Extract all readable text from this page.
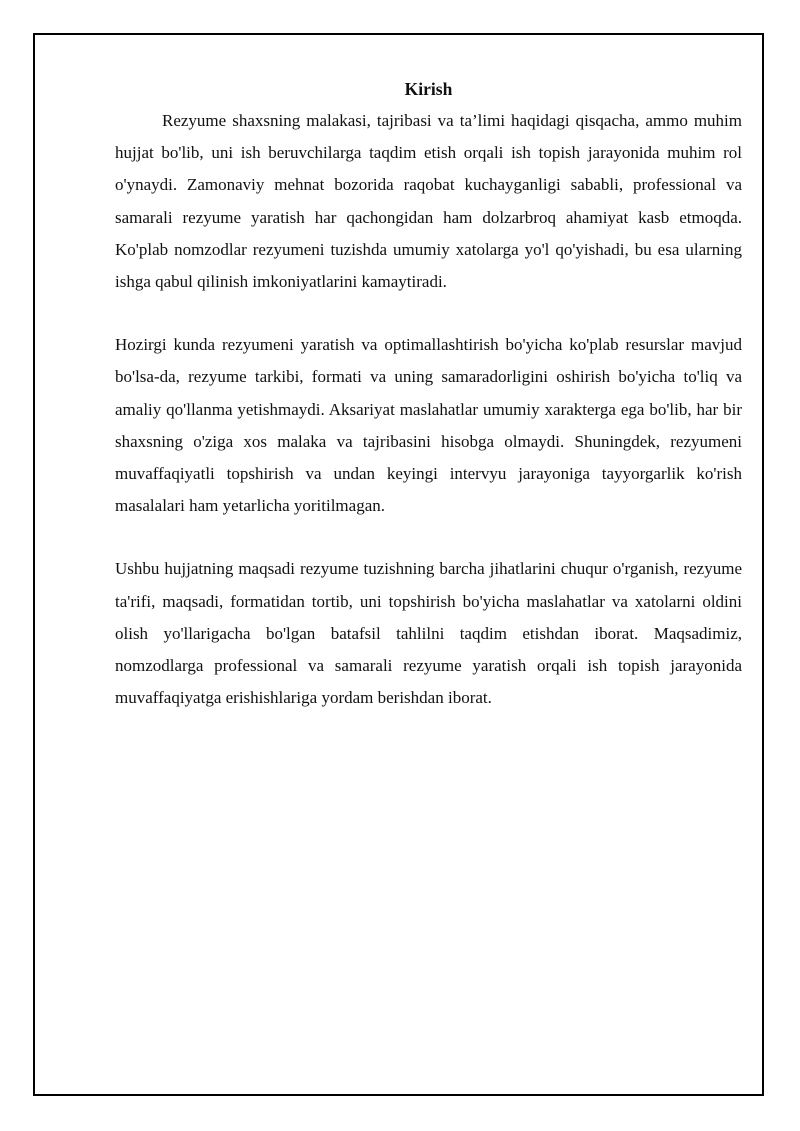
Kirish

Rezyume shaxsning malakasi, tajribasi va ta’limi haqidagi qisqacha, ammo muhim hujjat bo'lib, uni ish beruvchilarga taqdim etish orqali ish topish jarayonida muhim rol o'ynaydi. Zamonaviy mehnat bozorida raqobat kuchayganligi sababli, professional va samarali rezyume yaratish har qachongidan ham dolzarbroq ahamiyat kasb etmoqda. Ko'plab nomzodlar rezyumeni tuzishda umumiy xatolarga yo'l qo'yishadi, bu esa ularning ishga qabul qilinish imkoniyatlarini kamaytiradi.

Hozirgi kunda rezyumeni yaratish va optimallashtirish bo'yicha ko'plab resurslar mavjud bo'lsa-da, rezyume tarkibi, formati va uning samaradorligini oshirish bo'yicha to'liq va amaliy qo'llanma yetishmaydi. Aksariyat maslahatlar umumiy xarakterga ega bo'lib, har bir shaxsning o'ziga xos malaka va tajribasini hisobga olmaydi. Shuningdek, rezyumeni muvaffaqiyatli topshirish va undan keyingi intervyu jarayoniga tayyorgarlik ko'rish masalalari ham yetarlicha yoritilmagan.

Ushbu hujjatning maqsadi rezyume tuzishning barcha jihatlarini chuqur o'rganish, rezyume ta'rifi, maqsadi, formatidan tortib, uni topshirish bo'yicha maslahatlar va xatolarni oldini olish yo'llarigacha bo'lgan batafsil tahlilni taqdim etishdan iborat. Maqsadimiz, nomzodlarga professional va samarali rezyume yaratish orqali ish topish jarayonida muvaffaqiyatga erishishlariga yordam berishdan iborat.
